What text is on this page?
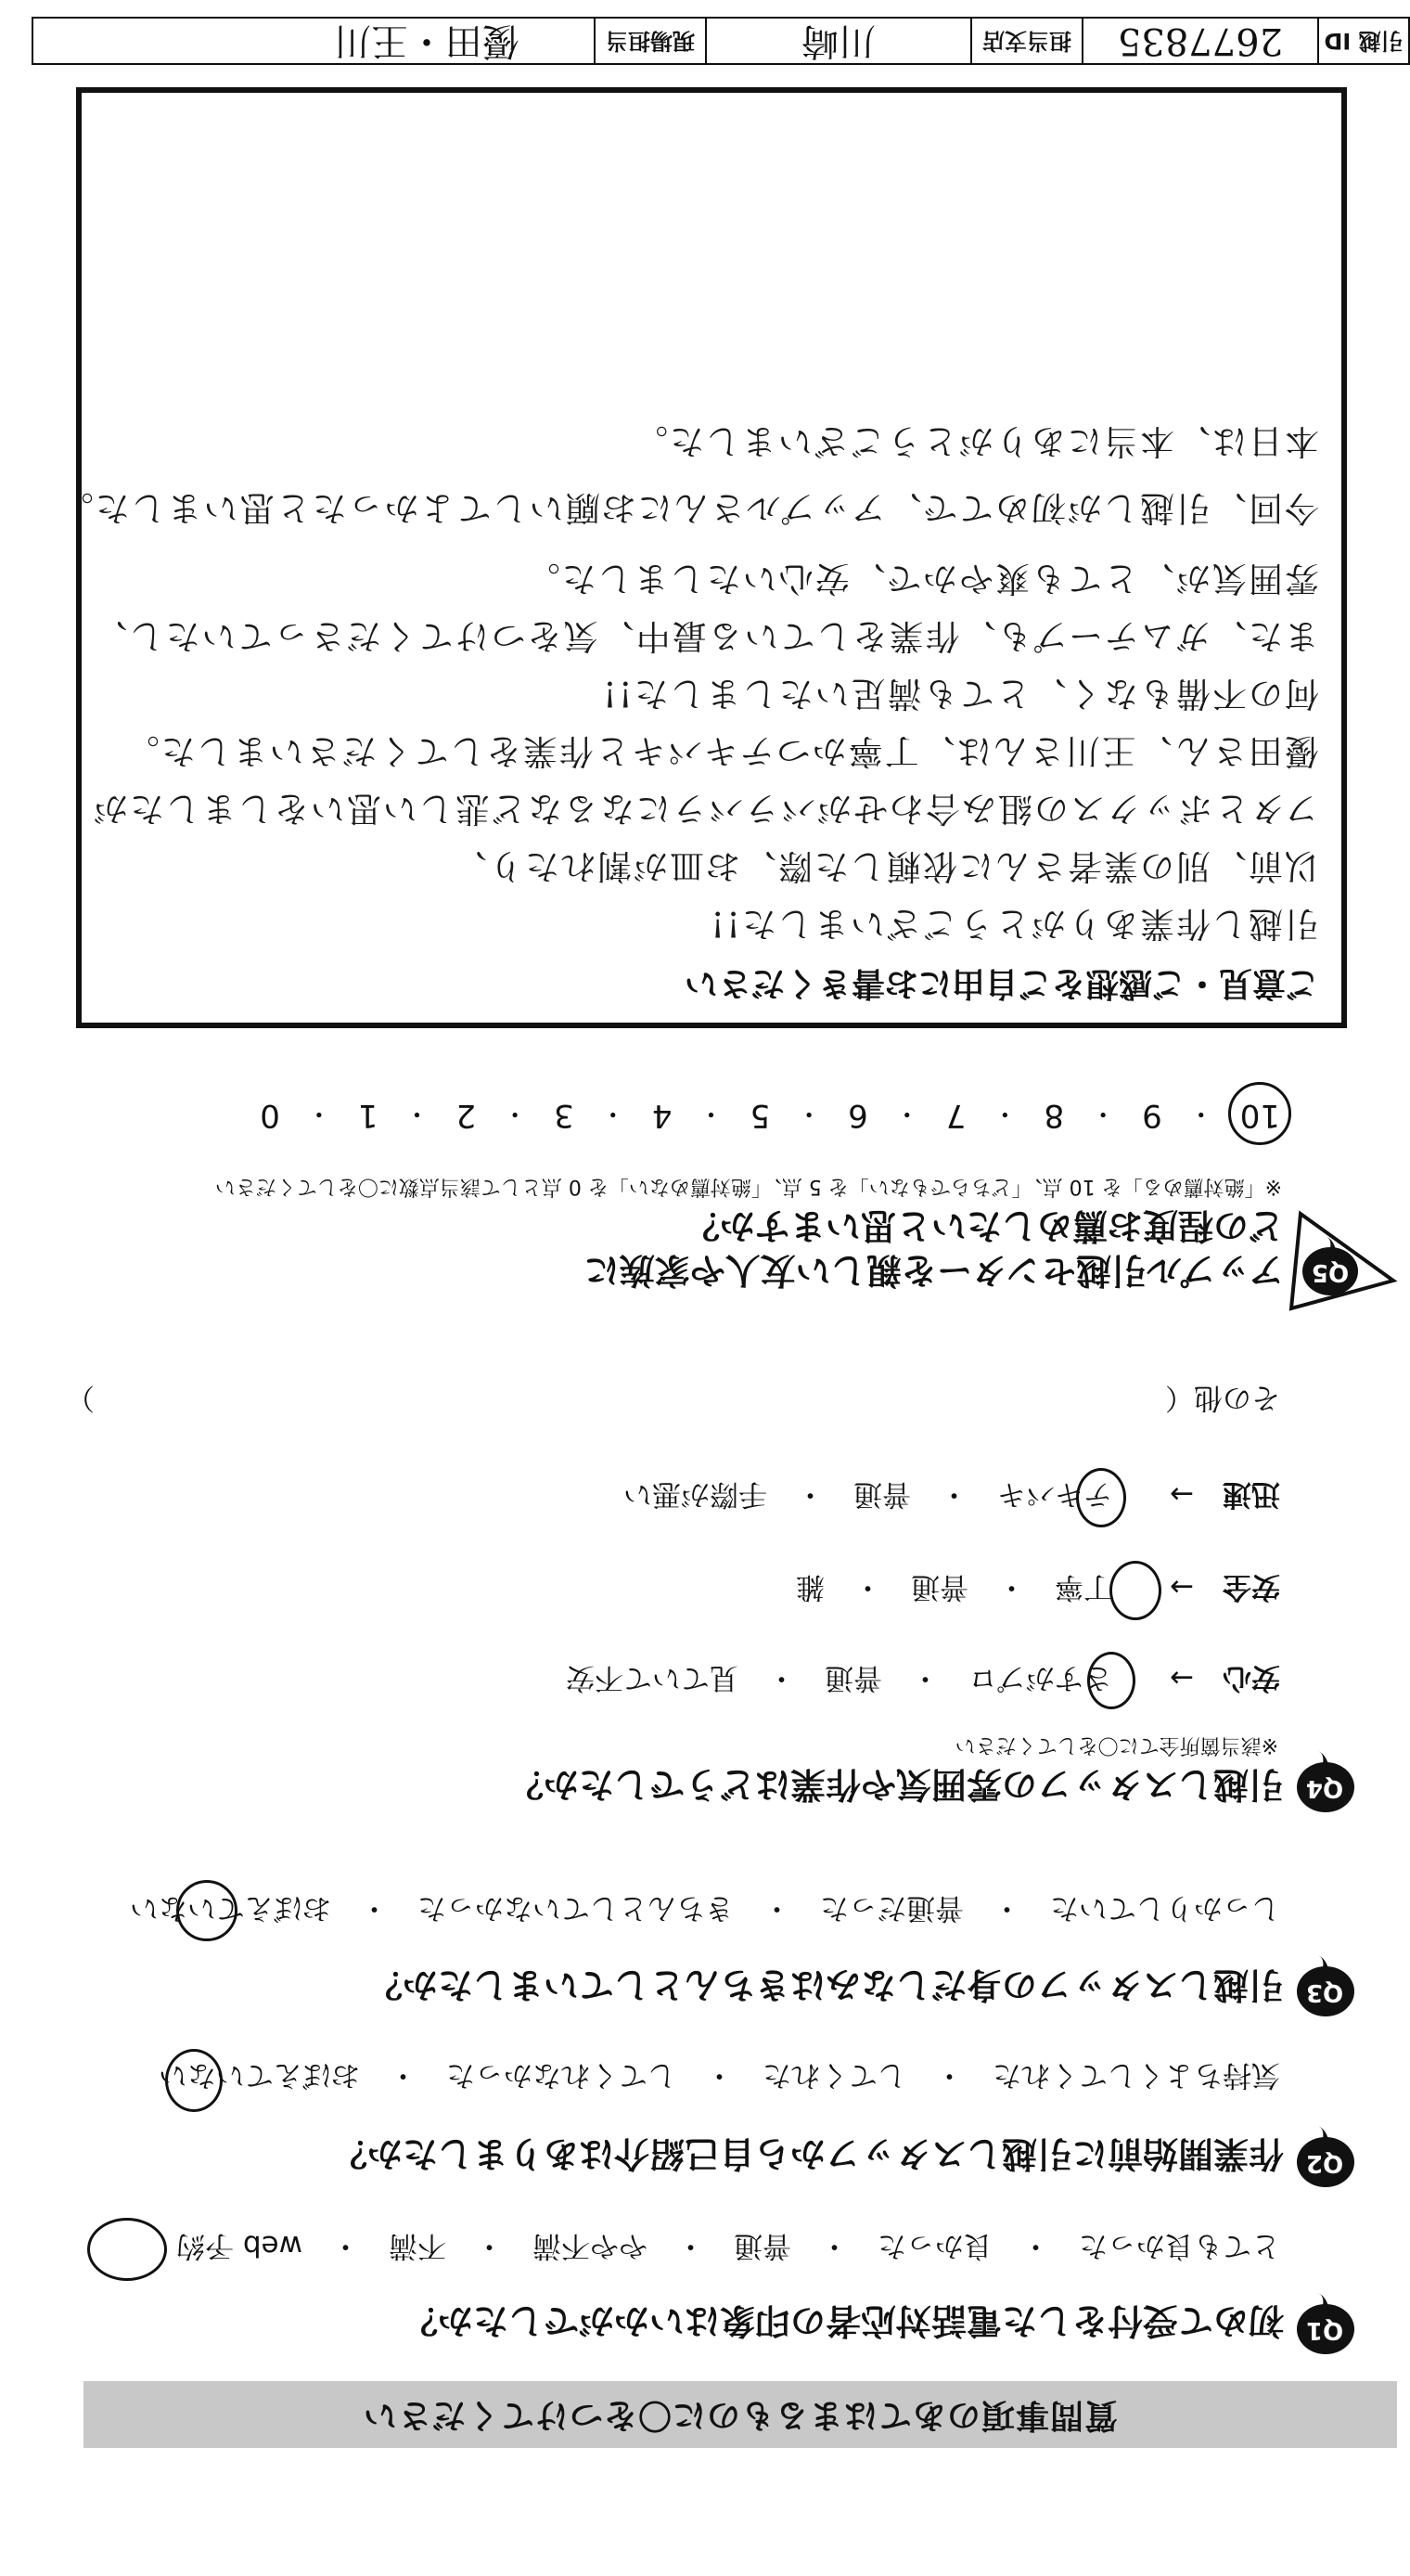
質問事項のあてはまるものに〇をつけてください
Q1
初めて受付をした電話対応者の印象はいかがでしたか？
とても良かった　・　良かった　・　普通　・　やや不満　・　不満　・　web 予約
Q2
作業開始前に引越しスタッフから自己紹介はありましたか？
気持ちよくしてくれた　・　してくれた　・　してくれなかった　・　おぼえていない
Q3
引越しスタッフの身だしなみはきちんとしていましたか？
しっかりしていた　・　普通だった　・　きちんとしていなかった　・　おぼえていない
Q4
引越しスタッフの雰囲気や作業はどうでしたか？
※該当箇所全てに〇をしてください
安心　→　　さすがプロ　・　普通　・　見ていて不安
安全　→　　丁寧　・　普通　・　雑
迅速　→　　テキパキ　・　普通　・　手際が悪い
その他（
）
Q5
アップル引越センターを親しい友人や家族に
どの程度お薦めしたいと思いますか？
※「絶対薦める」を 10 点、「どちらでもない」を 5 点、「絶対薦めない」を 0 点として該当点数に〇をしてください
10　・　9　・　8　・　7　・　6　・　5　・　4　・　3　・　2　・　1　・　0
ご意見・ご感想をご自由にお書きください
引越し作業ありがとうございました!!
以前、別の業者さんに依頼した際、お皿が割れたり、
フタとボックスの組み合わせがバラバラになるなど悲しい思いをしましたが
優田さん、王川さんは、丁寧かつテキパキと作業をしてくださいました。
何の不備もなく、とても満足いたしました!!
また、ガムテープも、作業をしている最中、気をつけてくださっていたし、
雰囲気が、とても爽やかで、安心いたしました。
今回、引越しが初めてで、アップルさんにお願いしてよかったと思いました。
本日は、本当にありがとうございました。
引越 ID
2677835
担当支店
川崎
現場担当
優田・王川
